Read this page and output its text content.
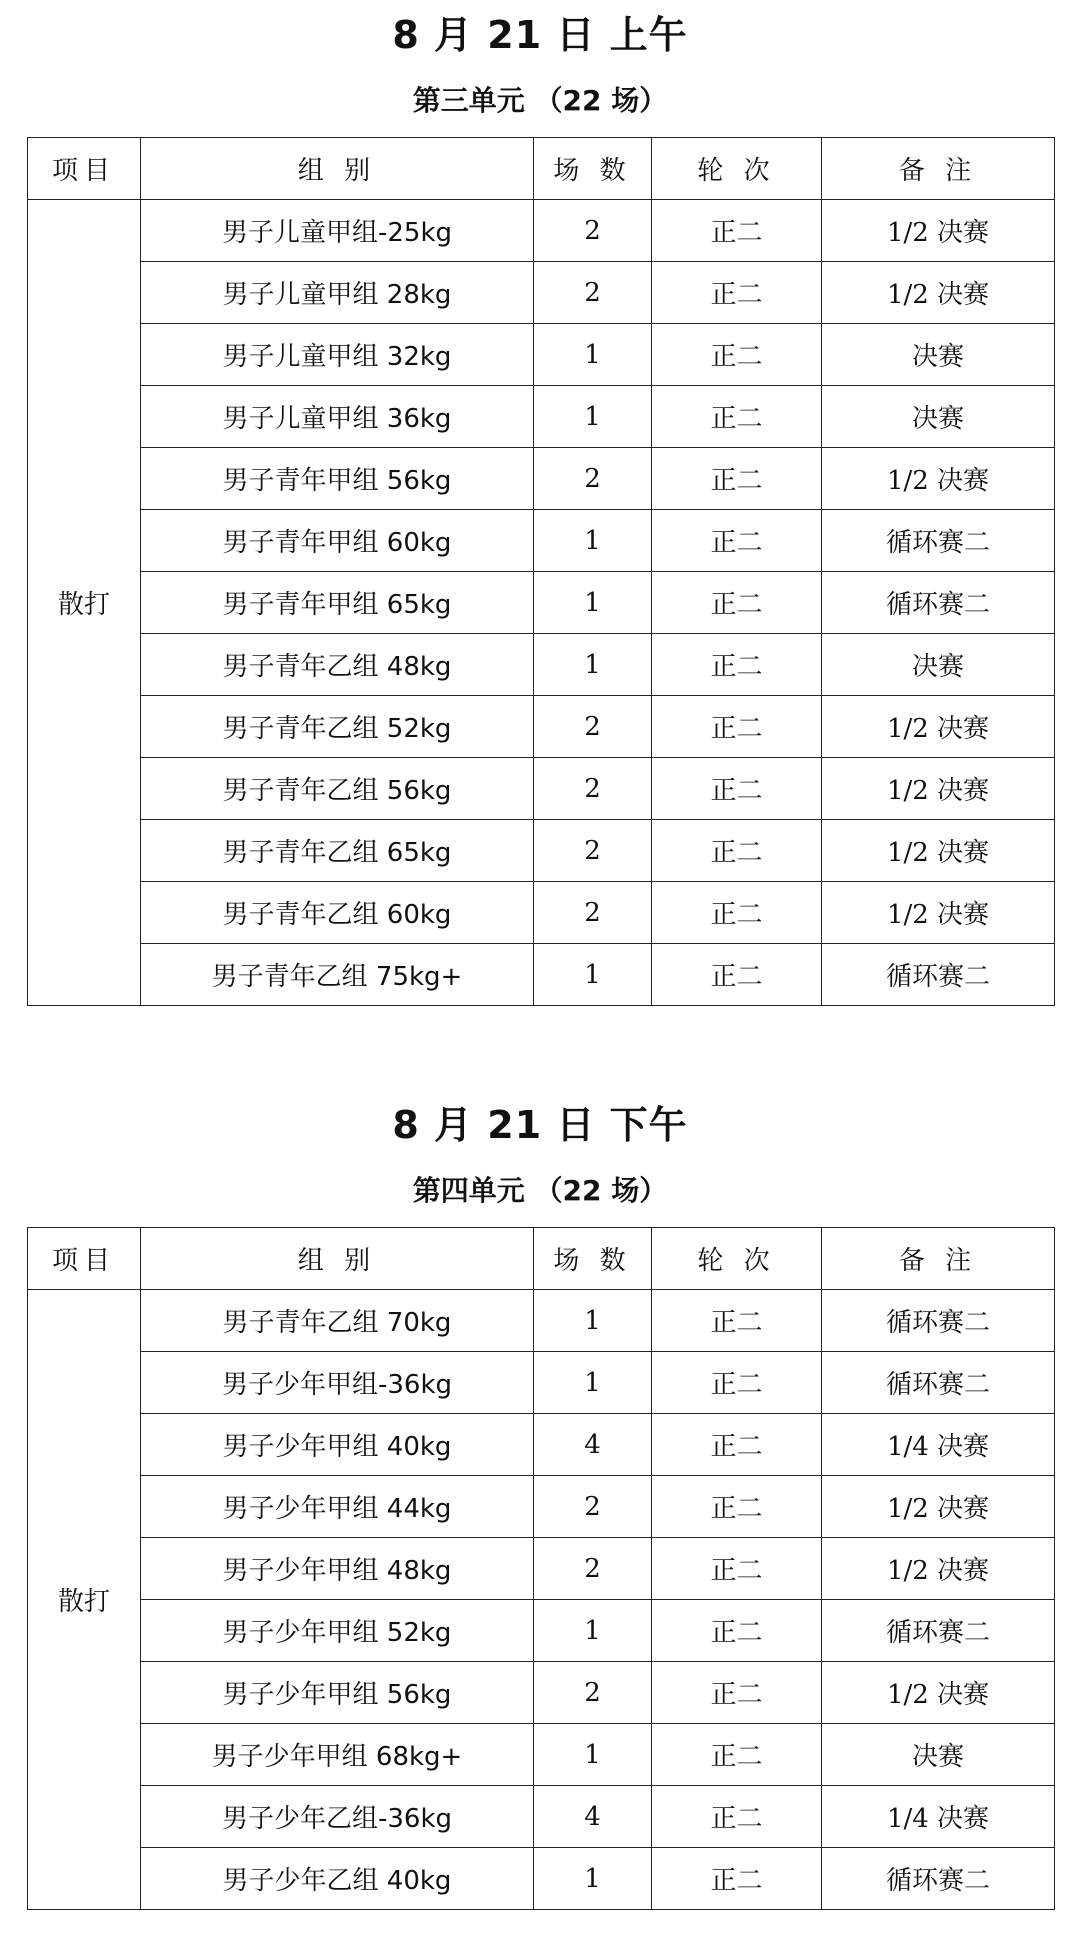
8 月 21 日 上午
第三单元 （22 场）
项目	组 别	场 数	轮 次	备 注
散打	男子儿童甲组-25kg	2	正二	1/2 决赛
	男子儿童甲组 28kg	2	正二	1/2 决赛
	男子儿童甲组 32kg	1	正二	决赛
	男子儿童甲组 36kg	1	正二	决赛
	男子青年甲组 56kg	2	正二	1/2 决赛
	男子青年甲组 60kg	1	正二	循环赛二
	男子青年甲组 65kg	1	正二	循环赛二
	男子青年乙组 48kg	1	正二	决赛
	男子青年乙组 52kg	2	正二	1/2 决赛
	男子青年乙组 56kg	2	正二	1/2 决赛
	男子青年乙组 65kg	2	正二	1/2 决赛
	男子青年乙组 60kg	2	正二	1/2 决赛
	男子青年乙组 75kg+	1	正二	循环赛二
8 月 21 日 下午
第四单元 （22 场）
项目	组 别	场 数	轮 次	备 注
散打	男子青年乙组 70kg	1	正二	循环赛二
	男子少年甲组-36kg	1	正二	循环赛二
	男子少年甲组 40kg	4	正二	1/4 决赛
	男子少年甲组 44kg	2	正二	1/2 决赛
	男子少年甲组 48kg	2	正二	1/2 决赛
	男子少年甲组 52kg	1	正二	循环赛二
	男子少年甲组 56kg	2	正二	1/2 决赛
	男子少年甲组 68kg+	1	正二	决赛
	男子少年乙组-36kg	4	正二	1/4 决赛
	男子少年乙组 40kg	1	正二	循环赛二
